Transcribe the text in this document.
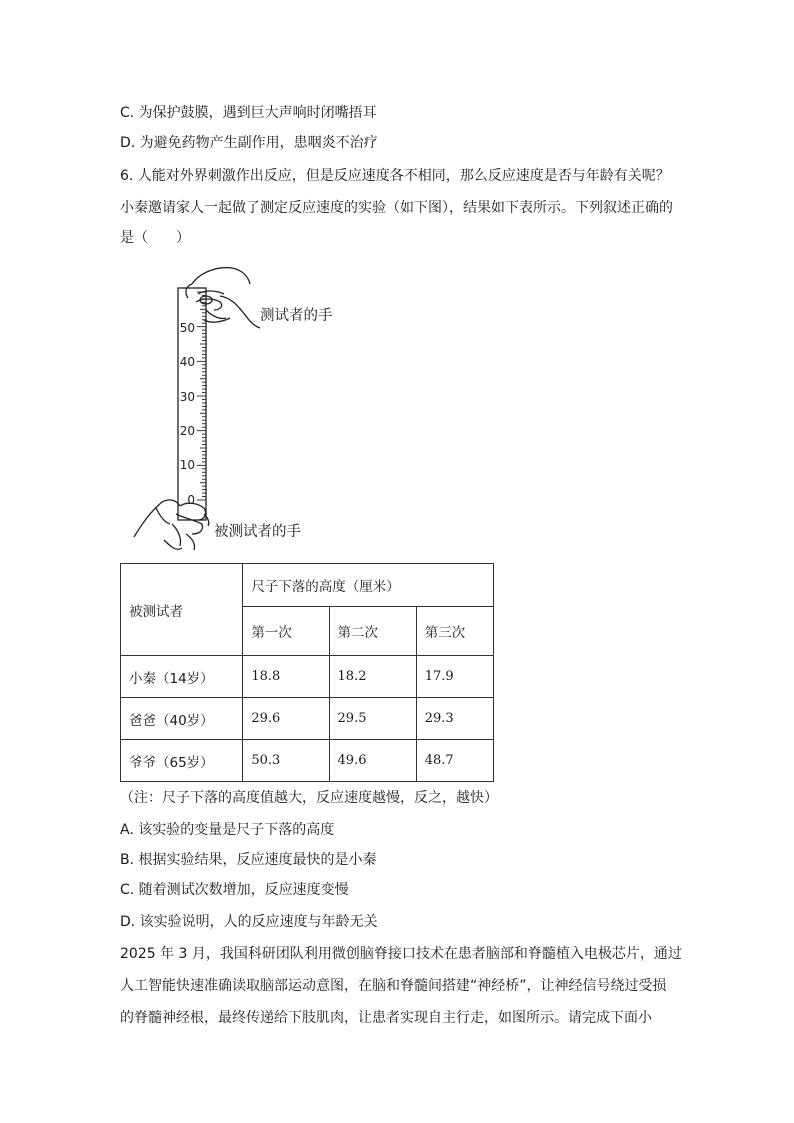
C. 为保护鼓膜，遇到巨大声响时闭嘴捂耳
D. 为避免药物产生副作用，患咽炎不治疗
6. 人能对外界刺激作出反应，但是反应速度各不相同，那么反应速度是否与年龄有关呢？
小秦邀请家人一起做了测定反应速度的实验（如下图），结果如下表所示。下列叙述正确的
是（　　）
50
40
30
20
10
0
测试者的手
被测试者的手
被测试者	尺子下落的高度（厘米）		
	第一次	第二次	第三次
小秦（14岁）	18.8	18.2	17.9
爸爸（40岁）	29.6	29.5	29.3
爷爷（65岁）	50.3	49.6	48.7
（注：尺子下落的高度值越大，反应速度越慢，反之，越快）
A. 该实验的变量是尺子下落的高度
B. 根据实验结果，反应速度最快的是小秦
C. 随着测试次数增加，反应速度变慢
D. 该实验说明，人的反应速度与年龄无关
2025 年 3 月，我国科研团队利用微创脑脊接口技术在患者脑部和脊髓植入电极芯片，通过
人工智能快速准确读取脑部运动意图，在脑和脊髓间搭建“神经桥”，让神经信号绕过受损
的脊髓神经根，最终传递给下肢肌肉，让患者实现自主行走，如图所示。请完成下面小
